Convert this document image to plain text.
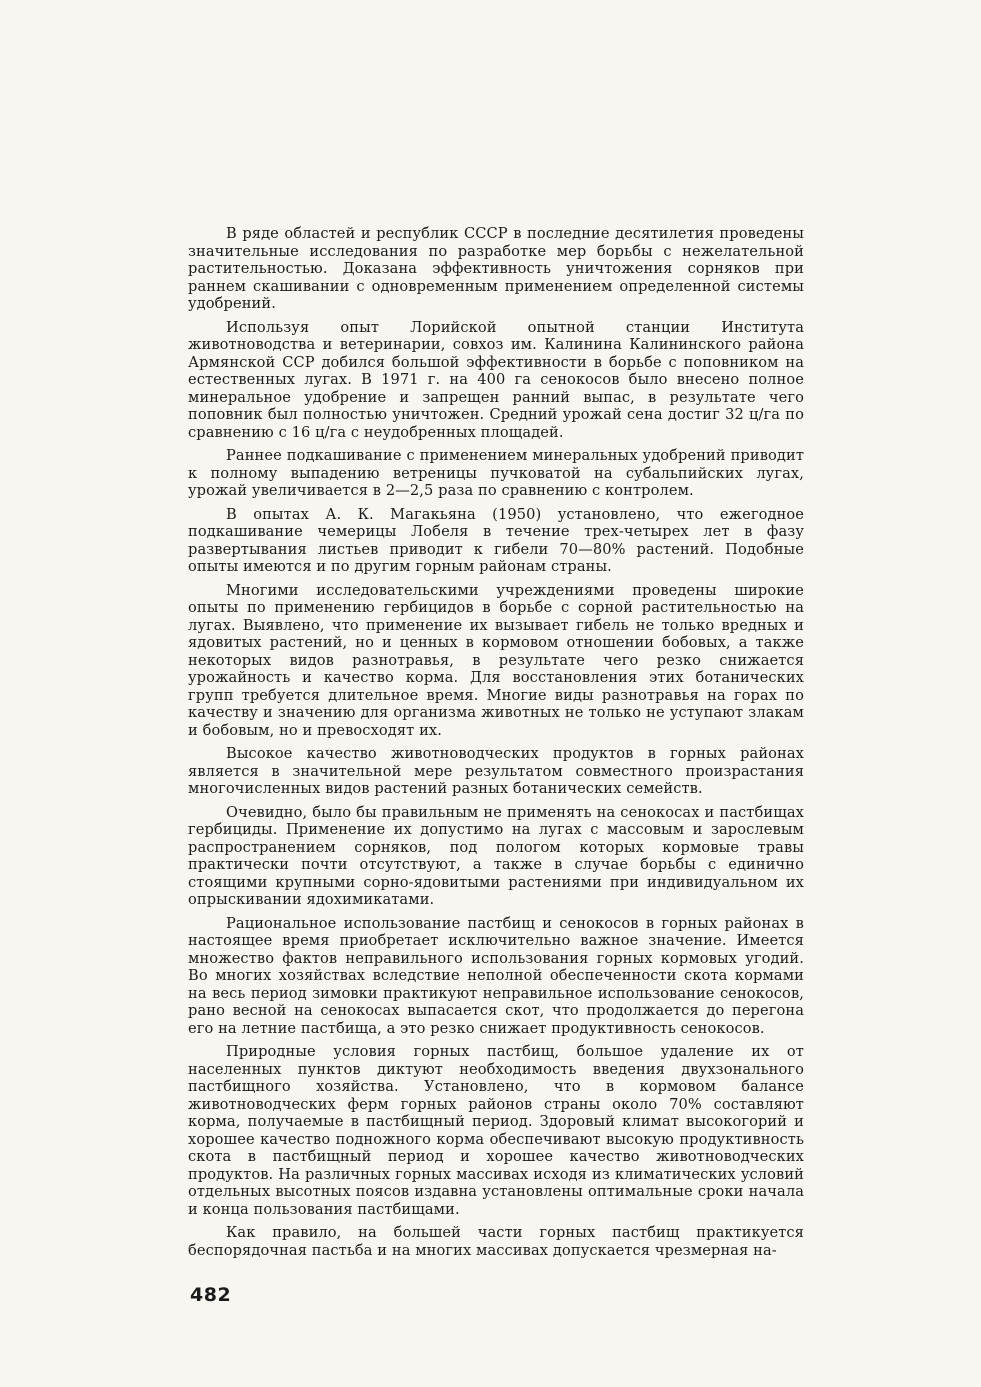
В ряде областей и республик СССР в последние десятилетия проведены значительные исследования по разработке мер борьбы с нежелательной растительностью. Доказана эффективность уничтожения сорняков при раннем скашивании с одновременным применением определенной системы удобрений.

Используя опыт Лорийской опытной станции Института животноводства и ветеринарии, совхоз им. Калинина Калининского района Армянской ССР добился большой эффективности в борьбе с поповником на естественных лугах. В 1971 г. на 400 га сенокосов было внесено полное минеральное удобрение и запрещен ранний выпас, в результате чего поповник был полностью уничтожен. Средний урожай сена достиг 32 ц/га по сравнению с 16 ц/га с неудобренных площадей.

Раннее подкашивание с применением минеральных удобрений приводит к полному выпадению ветреницы пучковатой на субальпийских лугах, урожай увеличивается в 2—2,5 раза по сравнению с контролем.

В опытах А. К. Магакьяна (1950) установлено, что ежегодное подкашивание чемерицы Лобеля в течение трех-четырех лет в фазу развертывания листьев приводит к гибели 70—80% растений. Подобные опыты имеются и по другим горным районам страны.

Многими исследовательскими учреждениями проведены широкие опыты по применению гербицидов в борьбе с сорной растительностью на лугах. Выявлено, что применение их вызывает гибель не только вредных и ядовитых растений, но и ценных в кормовом отношении бобовых, а также некоторых видов разнотравья, в результате чего резко снижается урожайность и качество корма. Для восстановления этих ботанических групп требуется длительное время. Многие виды разнотравья на горах по качеству и значению для организма животных не только не уступают злакам и бобовым, но и превосходят их.

Высокое качество животноводческих продуктов в горных районах является в значительной мере результатом совместного произрастания многочисленных видов растений разных ботанических семейств.

Очевидно, было бы правильным не применять на сенокосах и пастбищах гербициды. Применение их допустимо на лугах с массовым и зарослевым распространением сорняков, под пологом которых кормовые травы практически почти отсутствуют, а также в случае борьбы с единично стоящими крупными сорно-ядовитыми растениями при индивидуальном их опрыскивании ядохимикатами.

Рациональное использование пастбищ и сенокосов в горных районах в настоящее время приобретает исключительно важное значение. Имеется множество фактов неправильного использования горных кормовых угодий. Во многих хозяйствах вследствие неполной обеспеченности скота кормами на весь период зимовки практикуют неправильное использование сенокосов, рано весной на сенокосах выпасается скот, что продолжается до перегона его на летние пастбища, а это резко снижает продуктивность сенокосов.

Природные условия горных пастбищ, большое удаление их от населенных пунктов диктуют необходимость введения двухзонального пастбищного хозяйства. Установлено, что в кормовом балансе животноводческих ферм горных районов страны около 70% составляют корма, получаемые в пастбищный период. Здоровый климат высокогорий и хорошее качество подножного корма обеспечивают высокую продуктивность скота в пастбищный период и хорошее качество животноводческих продуктов. На различных горных массивах исходя из климатических условий отдельных высотных поясов издавна установлены оптимальные сроки начала и конца пользования пастбищами.

Как правило, на большей части горных пастбищ практикуется беспорядочная пастьба и на многих массивах допускается чрезмерная на-

482
